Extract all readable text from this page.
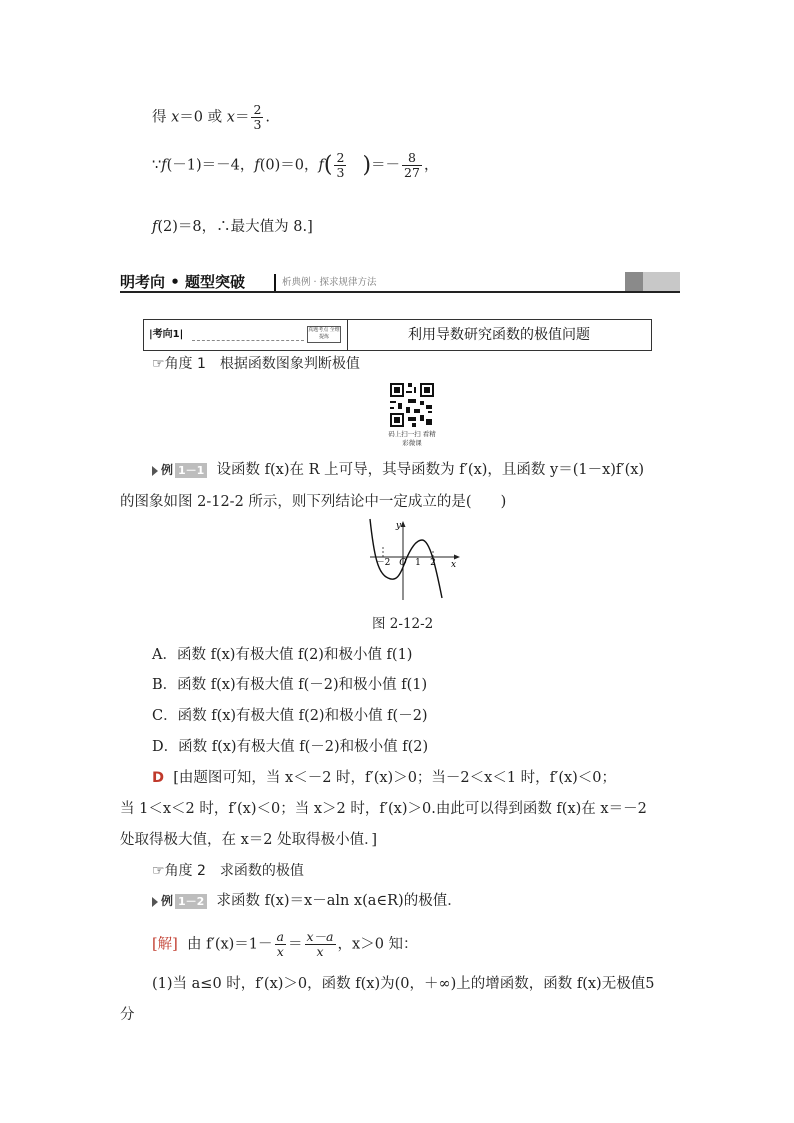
得 x＝0 或 $x= \frac{2}{3}$ .
∵f(－1)＝－4，f(0)＝0，$f( \frac{2}{3}$ )＝－ $\frac{8}{27}$ ，
f(2)＝8，∴最大值为 8.]
明考向 • 题型突破	析典例 · 探求规律方法
|考向1|	真题考点 全维提炼	利用导数研究函数的极值问题
☞角度 1　根据函数图象判断极值
码上扫一扫 看精彩微课
例 1－1 设函数 f(x)在 R 上可导，其导函数为 f′(x)，且函数 y＝(1－x)f′(x)
的图象如图 2-12-2 所示，则下列结论中一定成立的是(　　)
y
x
－2 O 1 2
图 2-12-2
A．函数 f(x)有极大值 f(2)和极小值 f(1)
B．函数 f(x)有极大值 f(－2)和极小值 f(1)
C．函数 f(x)有极大值 f(2)和极小值 f(－2)
D．函数 f(x)有极大值 f(－2)和极小值 f(2)
D [由题图可知，当 x＜－2 时，f′(x)＞0；当－2＜x＜1 时，f′(x)＜0；
当 1＜x＜2 时，f′(x)＜0；当 x＞2 时，f′(x)＞0.由此可以得到函数 f(x)在 x＝－2
处取得极大值，在 x＝2 处取得极小值．]
☞角度 2　求函数的极值
例 1－2 求函数 f(x)＝x－aln x(a∈R)的极值．
[解] 由 $f'(x)=1- \frac{a}{x} = \frac{x-a}{x}$ ，x＞0 知：
(1)当 a≤0 时，f′(x)＞0，函数 f(x)为(0，＋∞)上的增函数，函数 f(x)无极值5
分
